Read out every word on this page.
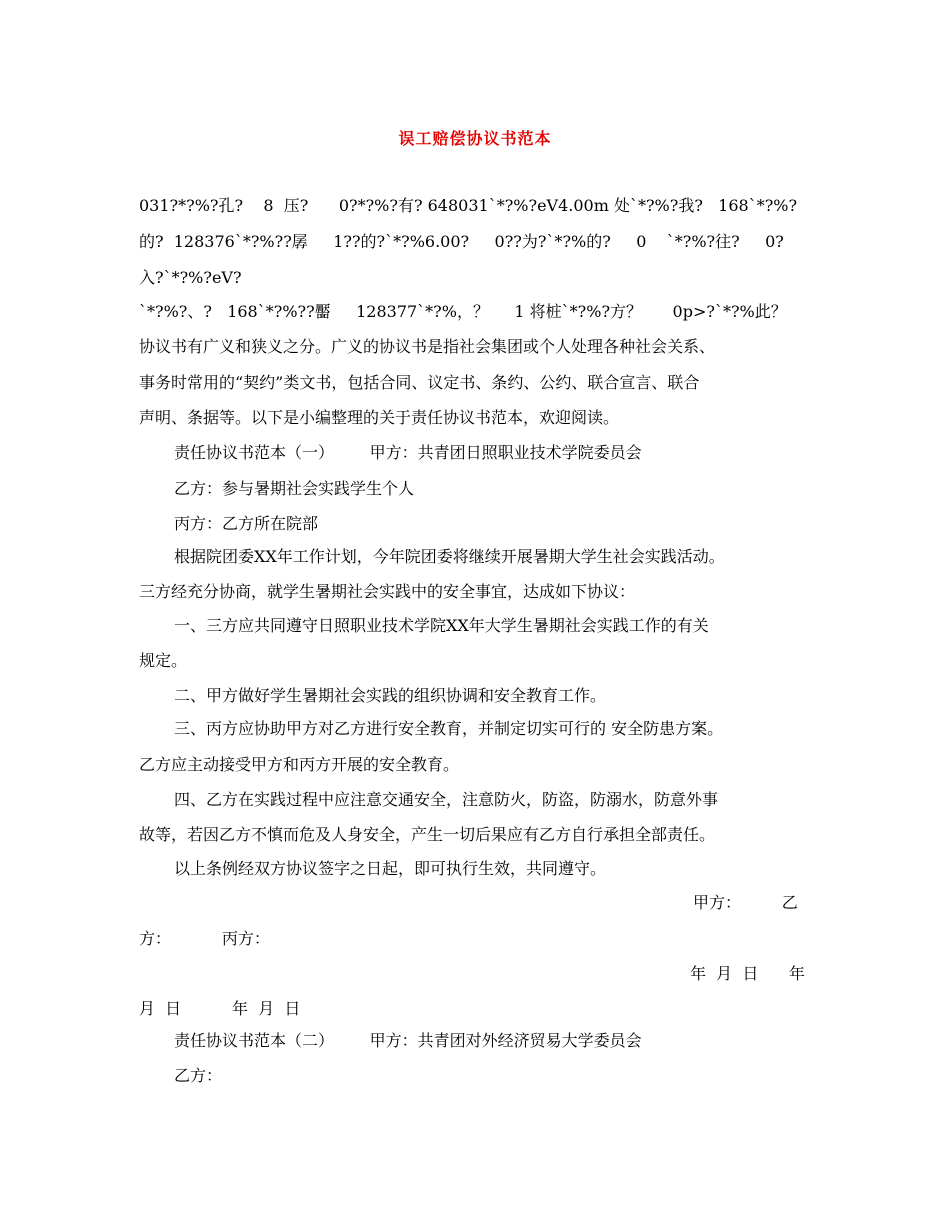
误工赔偿协议书范本
031?*?%?孔?    8  压?      0?*?%?有? 648031`*?%?eV4.00m 处`*?%?我?   168`*?%?
的?  128376`*?%??孱     1??的?`*?%6.00?     0??为?`*?%的?     0    `*?%?往?     0?
入?`*?%?eV?
`*?%?、?   168`*?%??靨     128377`*?%，？     1 将桩`*?%?方？      0p>?`*?%此？
协议书有广义和狭义之分。广义的协议书是指社会集团或个人处理各种社会关系、
事务时常用的“契约”类文书，包括合同、议定书、条约、公约、联合宣言、联合
声明、条据等。以下是小编整理的关于责任协议书范本，欢迎阅读。
责任协议书范本（一）       甲方：共青团日照职业技术学院委员会
乙方：参与暑期社会实践学生个人
丙方：乙方所在院部
根据院团委XX年工作计划，今年院团委将继续开展暑期大学生社会实践活动。
三方经充分协商，就学生暑期社会实践中的安全事宜，达成如下协议：
一、三方应共同遵守日照职业技术学院XX年大学生暑期社会实践工作的有关
规定。
二、甲方做好学生暑期社会实践的组织协调和安全教育工作。
三、丙方应协助甲方对乙方进行安全教育，并制定切实可行的 安全防患方案。
乙方应主动接受甲方和丙方开展的安全教育。
四、乙方在实践过程中应注意交通安全，注意防火，防盗，防溺水，防意外事
故等，若因乙方不慎而危及人身安全，产生一切后果应有乙方自行承担全部责任。
以上条例经双方协议签字之日起，即可执行生效，共同遵守。
甲方：        乙
方：          丙方：
年  月  日      年
月  日          年  月  日
责任协议书范本（二）       甲方：共青团对外经济贸易大学委员会
乙方：
